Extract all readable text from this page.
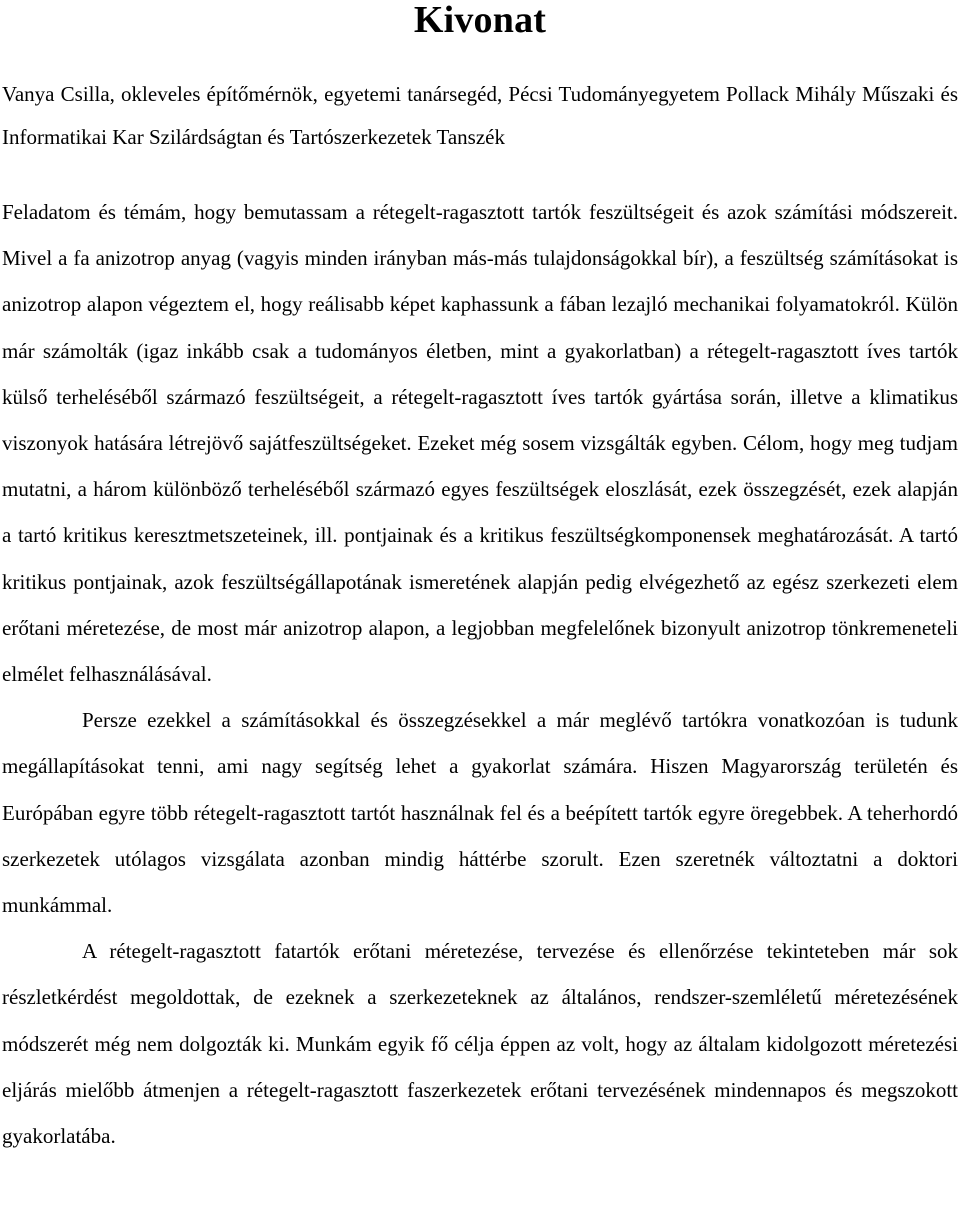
Kivonat

Vanya Csilla, okleveles építőmérnök, egyetemi tanársegéd, Pécsi Tudományegyetem Pollack Mihály Műszaki és Informatikai Kar Szilárdságtan és Tartószerkezetek Tanszék

Feladatom és témám, hogy bemutassam a rétegelt-ragasztott tartók feszültségeit és azok számítási módszereit. Mivel a fa anizotrop anyag (vagyis minden irányban más-más tulajdonságokkal bír), a feszültség számításokat is anizotrop alapon végeztem el, hogy reálisabb képet kaphassunk a fában lezajló mechanikai folyamatokról. Külön már számolták (igaz inkább csak a tudományos életben, mint a gyakorlatban) a rétegelt-ragasztott íves tartók külső terheléséből származó feszültségeit, a rétegelt-ragasztott íves tartók gyártása során, illetve a klimatikus viszonyok hatására létrejövő sajátfeszültségeket. Ezeket még sosem vizsgálták egyben. Célom, hogy meg tudjam mutatni, a három különböző terheléséből származó egyes feszültségek eloszlását, ezek összegzését, ezek alapján a tartó kritikus keresztmetszeteinek, ill. pontjainak és a kritikus feszültségkomponensek meghatározását. A tartó kritikus pontjainak, azok feszültségállapotának ismeretének alapján pedig elvégezhető az egész szerkezeti elem erőtani méretezése, de most már anizotrop alapon, a legjobban megfelelőnek bizonyult anizotrop tönkremeneteli elmélet felhasználásával.

Persze ezekkel a számításokkal és összegzésekkel a már meglévő tartókra vonatkozóan is tudunk megállapításokat tenni, ami nagy segítség lehet a gyakorlat számára. Hiszen Magyarország területén és Európában egyre több rétegelt-ragasztott tartót használnak fel és a beépített tartók egyre öregebbek. A teherhordó szerkezetek utólagos vizsgálata azonban mindig háttérbe szorult. Ezen szeretnék változtatni a doktori munkámmal.

A rétegelt-ragasztott fatartók erőtani méretezése, tervezése és ellenőrzése tekinteteben már sok részletkérdést megoldottak, de ezeknek a szerkezeteknek az általános, rendszer-szemléletű méretezésének módszerét még nem dolgozták ki. Munkám egyik fő célja éppen az volt, hogy az általam kidolgozott méretezési eljárás mielőbb átmenjen a rétegelt-ragasztott faszerkezetek erőtani tervezésének mindennapos és megszokott gyakorlatába.
